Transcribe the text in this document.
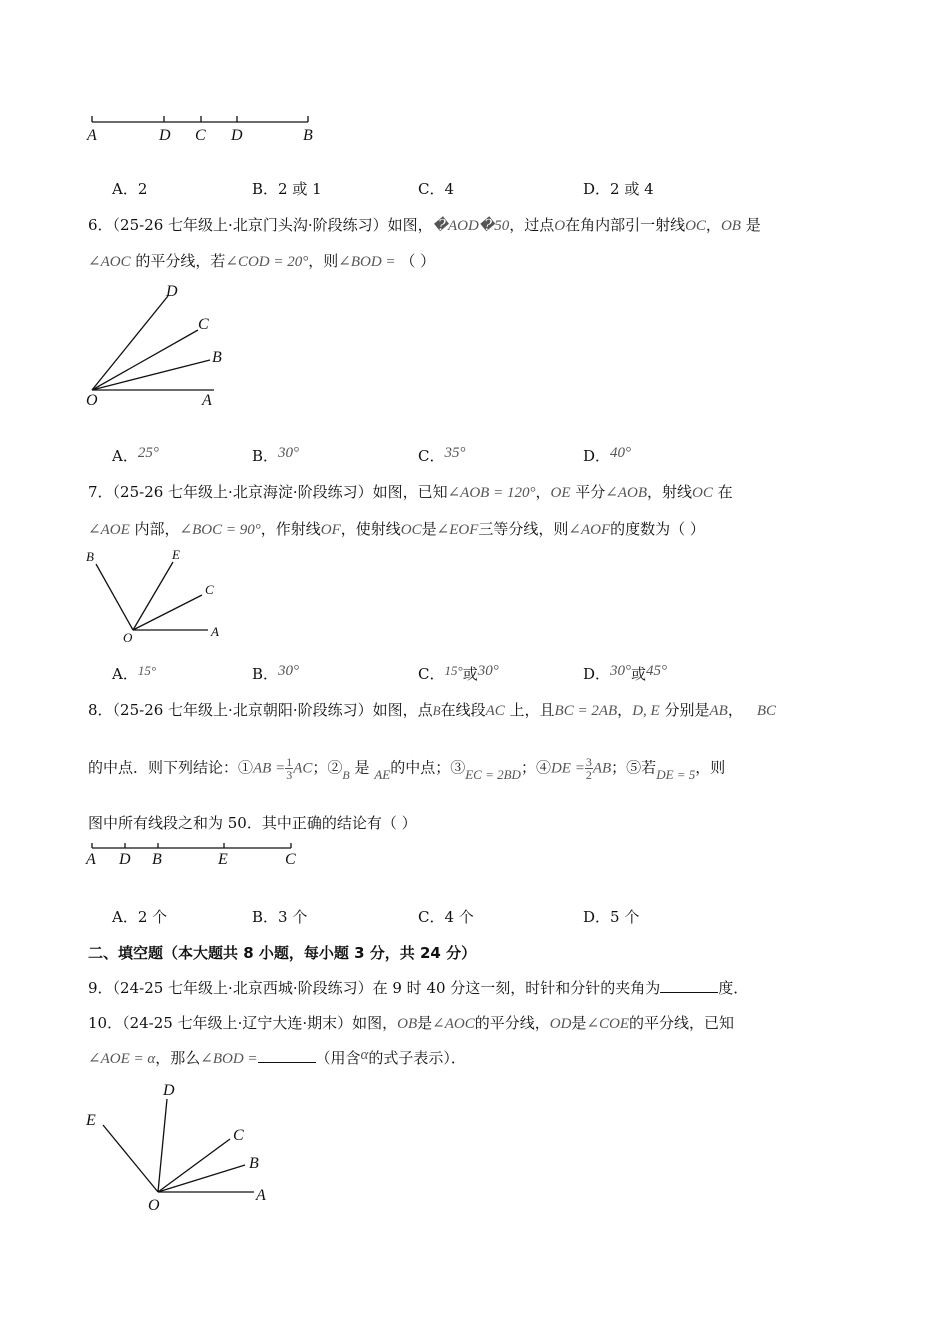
A	D C D	B
A．2	B．2 或 1	C．4	D．2 或 4
6．（25-26 七年级上·北京门头沟·阶段练习）如图，�AOD�50，过点O在角内部引一射线OC，OB 是
∠AOC 的平分线，若∠COD = 20°，则∠BOD = （ ）
D
C
B
O	A
A．25°	B．30°	C．35°	D．40°
7．（25-26 七年级上·北京海淀·阶段练习）如图，已知∠AOB = 120°，OE 平分∠AOB，射线OC 在
∠AOE 内部，∠BOC = 90°，作射线OF，使射线OC是∠EOF三等分线，则∠AOF的度数为（ ）
B	E
C
O	A
A．15°	B．30°	C．15°或30°	D．30°或45°
8．（25-26 七年级上·北京朝阳·阶段练习）如图，点B在线段AC 上，且BC = 2AB，D, E 分别是AB， BC
的中点．则下列结论：①AB = $\frac{1}{3}$ AC；$②_B$ 是 AE的中点；③EC = 2BD；④DE = $\frac{3}{2}$ AB；⑤若DE = 5，则
图中所有线段之和为 50．其中正确的结论有（ ）
A D B	E	C
A．2 个	B．3 个	C．4 个	D．5 个
二、填空题（本大题共 8 小题，每小题 3 分，共 24 分）
9．（24-25 七年级上·北京西城·阶段练习）在 9 时 40 分这一刻，时针和分针的夹角为	度．
10．（24-25 七年级上·辽宁大连·期末）如图，OB是∠AOC的平分线，OD是∠COE的平分线，已知
∠AOE = α，那么∠BOD =	（用含α的式子表示）．
D
E
C
B
O
A
